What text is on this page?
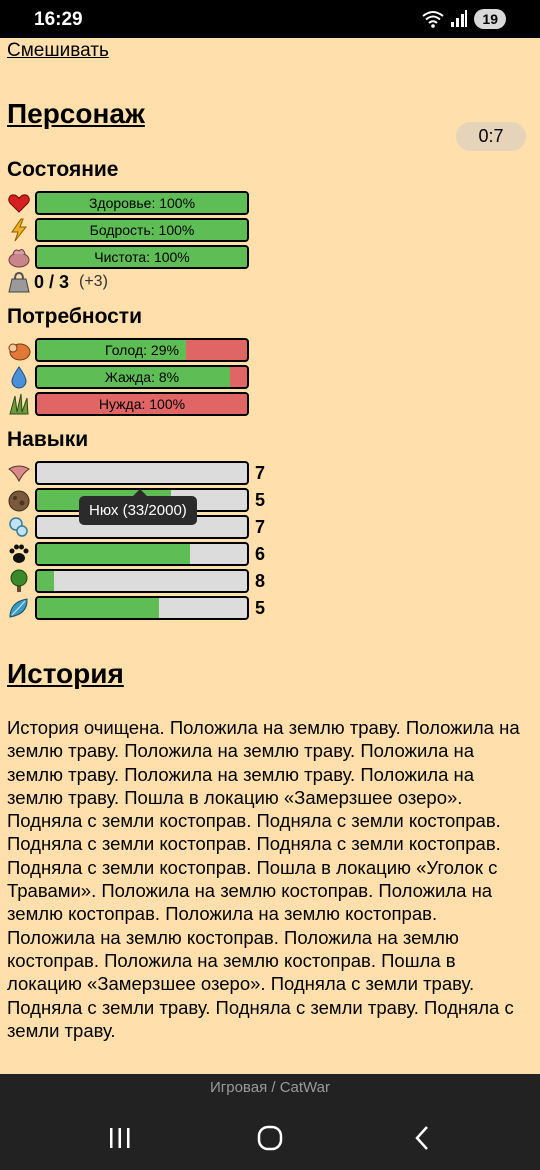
16:29	19
Смешивать
Персонаж
0:7
Состояние
Здоровье: 100%
Бодрость: 100%
Чистота: 100%
0 / 3 (+3)
Потребности
Голод: 29%
Жажда: 8%
Нужда: 100%
Навыки
7
5
7
6
8
5
Нюх (33/2000)
История
История очищена. Положила на землю траву. Положила на землю траву. Положила на землю траву. Положила на землю траву. Положила на землю траву. Положила на землю траву. Пошла в локацию «Замерзшее озеро». Подняла с земли костоправ. Подняла с земли костоправ. Подняла с земли костоправ. Подняла с земли костоправ. Подняла с земли костоправ. Пошла в локацию «Уголок с Травами». Положила на землю костоправ. Положила на землю костоправ. Положила на землю костоправ. Положила на землю костоправ. Положила на землю костоправ. Положила на землю костоправ. Пошла в локацию «Замерзшее озеро». Подняла с земли траву. Подняла с земли траву. Подняла с земли траву. Подняла с земли траву.
Игровая / CatWar
